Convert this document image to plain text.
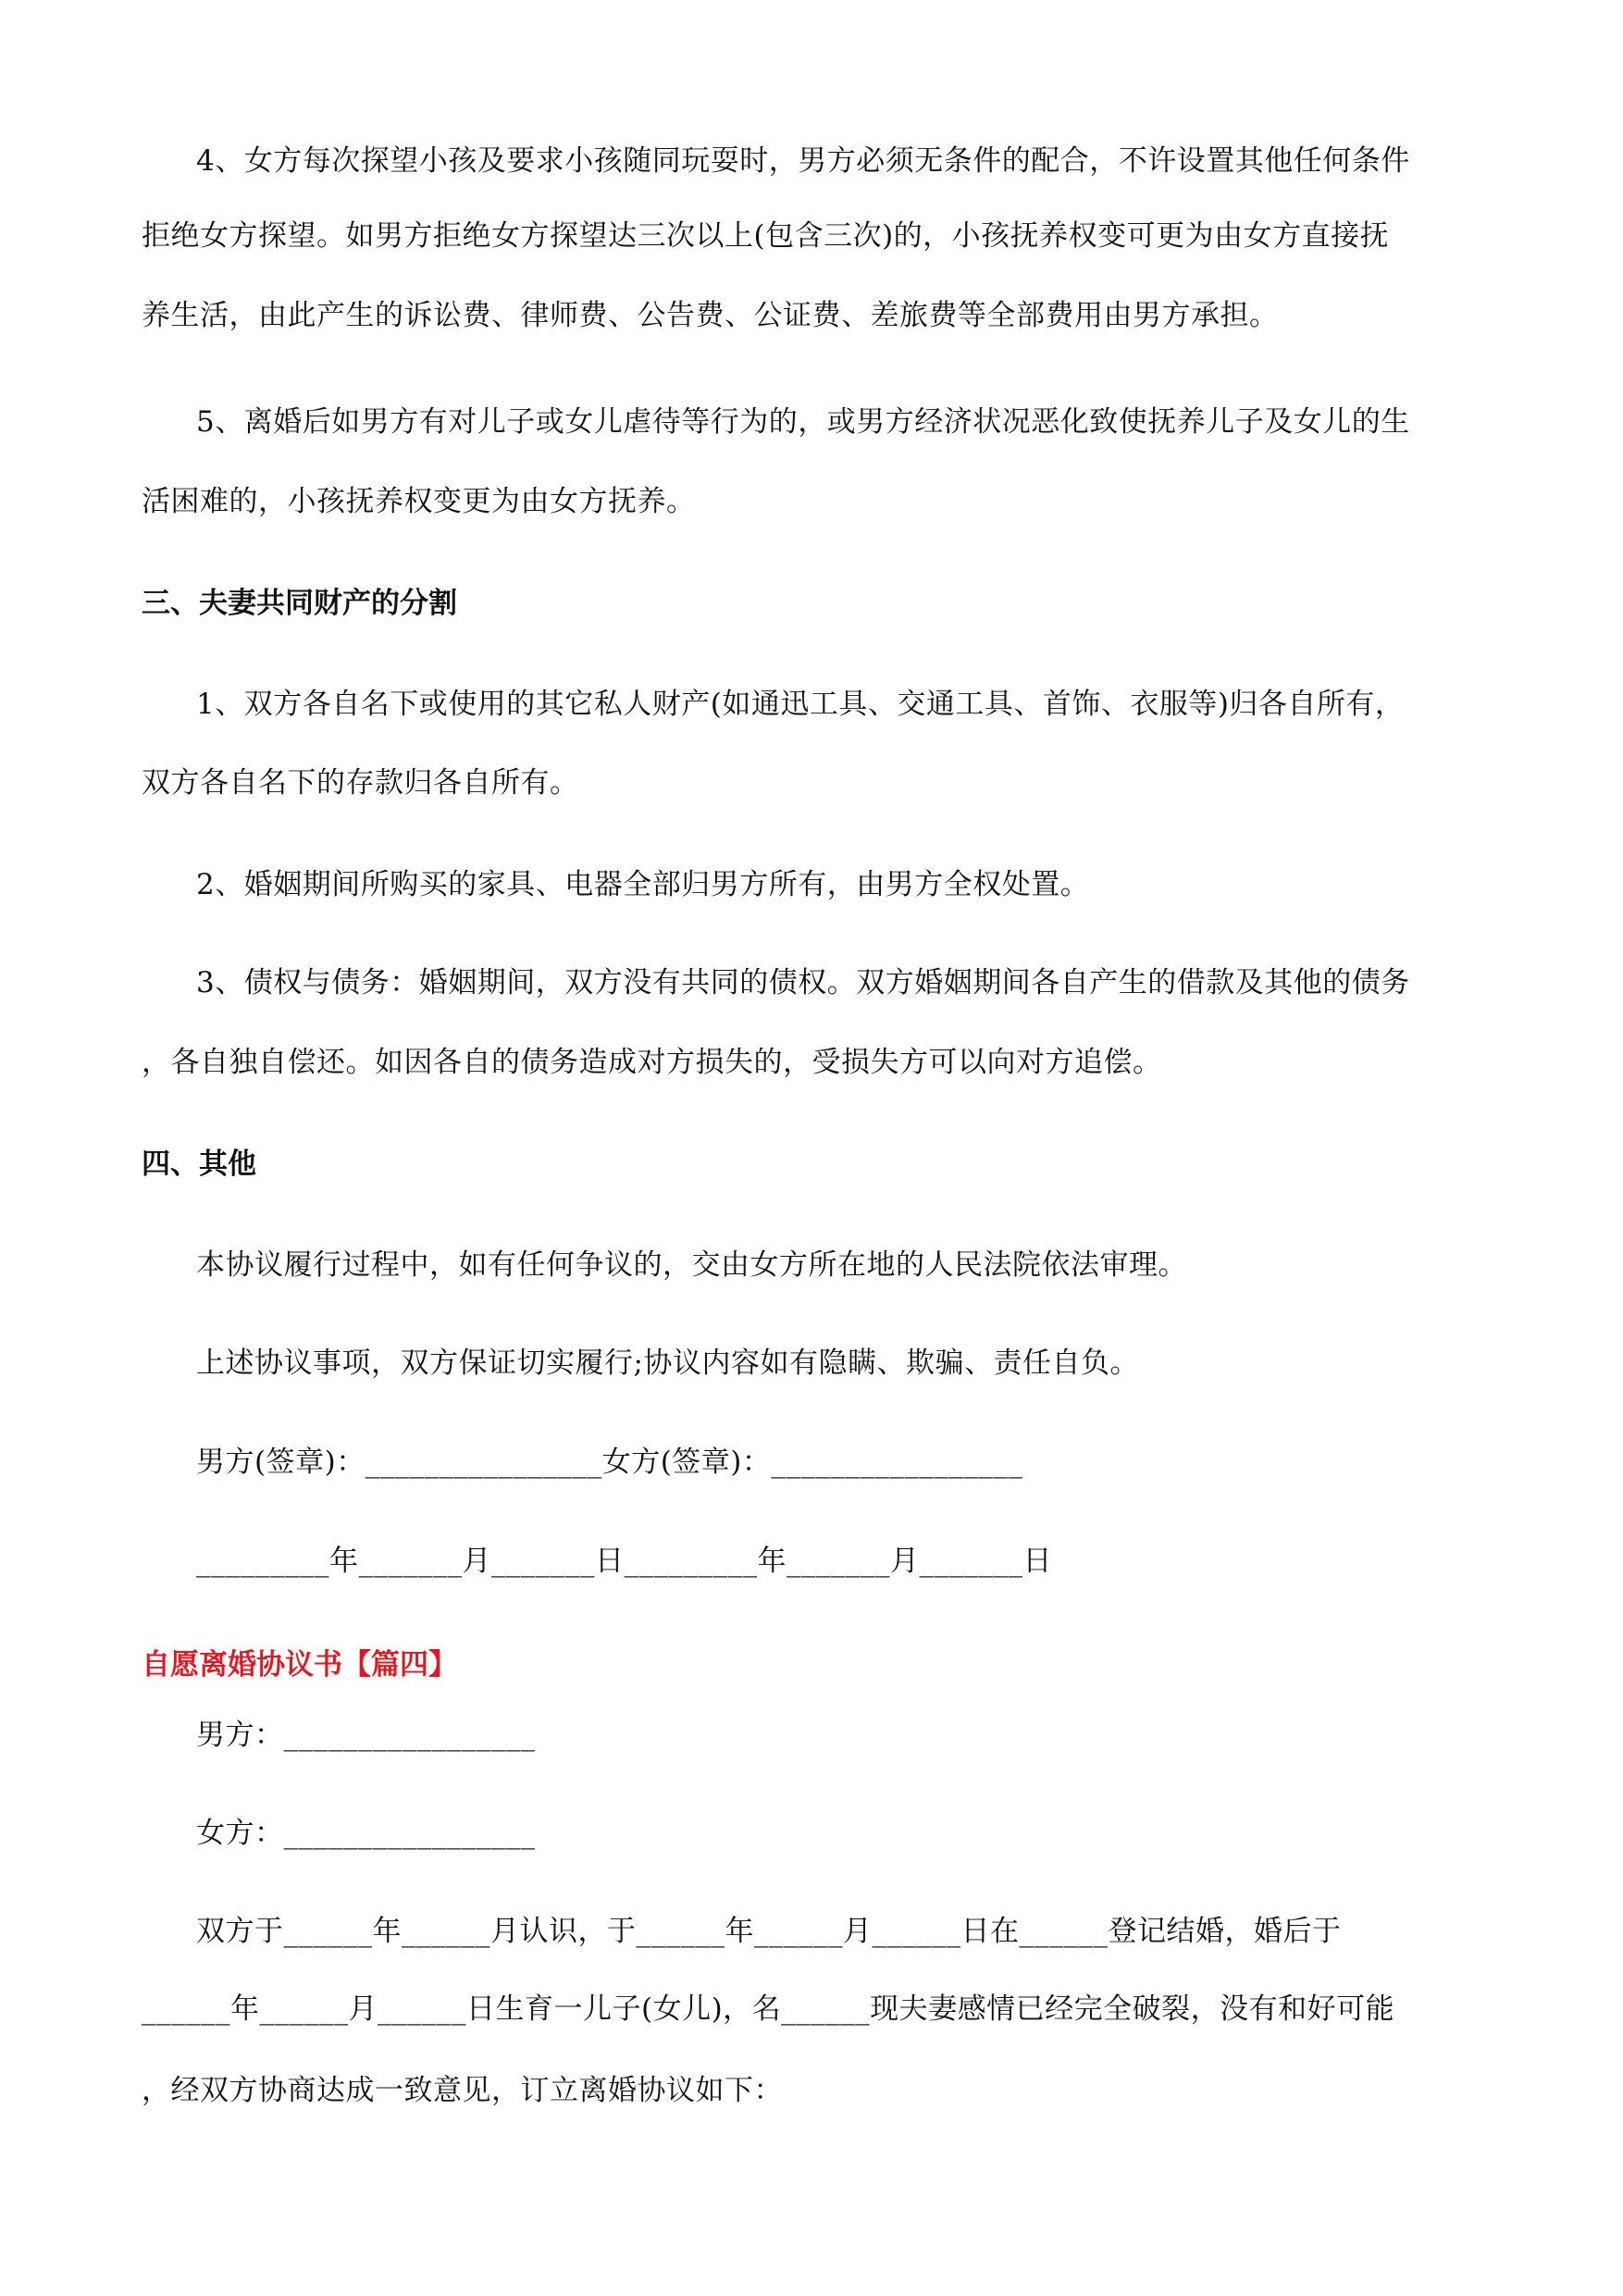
4、女方每次探望小孩及要求小孩随同玩耍时，男方必须无条件的配合，不许设置其他任何条件
拒绝女方探望。如男方拒绝女方探望达三次以上(包含三次)的，小孩抚养权变可更为由女方直接抚
养生活，由此产生的诉讼费、律师费、公告费、公证费、差旅费等全部费用由男方承担。
5、离婚后如男方有对儿子或女儿虐待等行为的，或男方经济状况恶化致使抚养儿子及女儿的生
活困难的，小孩抚养权变更为由女方抚养。
三、夫妻共同财产的分割
1、双方各自名下或使用的其它私人财产(如通迅工具、交通工具、首饰、衣服等)归各自所有，
双方各自名下的存款归各自所有。
2、婚姻期间所购买的家具、电器全部归男方所有，由男方全权处置。
3、债权与债务：婚姻期间，双方没有共同的债权。双方婚姻期间各自产生的借款及其他的债务
，各自独自偿还。如因各自的债务造成对方损失的，受损失方可以向对方追偿。
四、其他
本协议履行过程中，如有任何争议的，交由女方所在地的人民法院依法审理。
上述协议事项，双方保证切实履行;协议内容如有隐瞒、欺骗、责任自负。
男方(签章)：________________女方(签章)：_________________
_________年_______月_______日_________年_______月_______日
自愿离婚协议书【篇四】
男方：_________________
女方：_________________
双方于______年______月认识，于______年______月______日在______登记结婚，婚后于
______年______月______日生育一儿子(女儿)，名______现夫妻感情已经完全破裂，没有和好可能
，经双方协商达成一致意见，订立离婚协议如下：
